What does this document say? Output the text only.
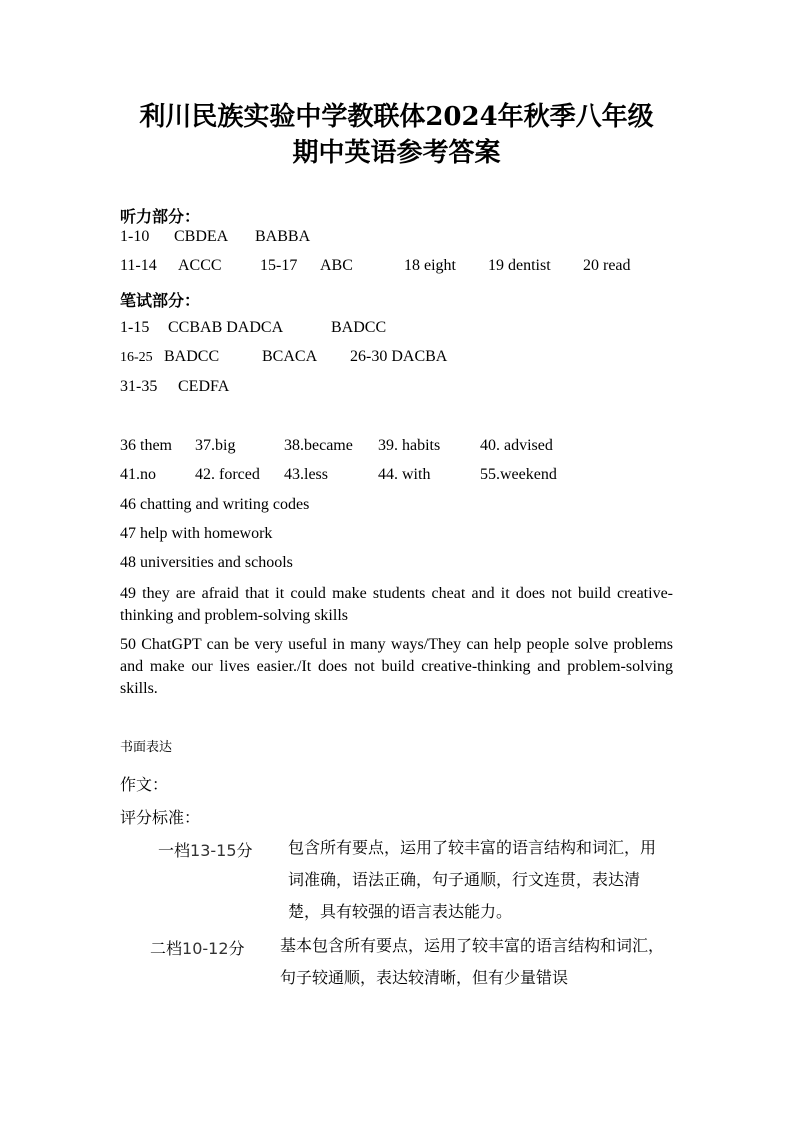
利川民族实验中学教联体2024年秋季八年级
期中英语参考答案
听力部分：
1-10 CBDEA BABBA
11-14 ACCC 15-17 ABC	18 eight 19 dentist 20 read
笔试部分：
1-15 CCBAB DADCA	BADCC
16-25 BADCC	BCACA 26-30 DACBA
31-35 CEDFA
36 them 37.big	38.became 39. habits 40. advised
41.no 42. forced 43.less	44. with	55.weekend
46 chatting and writing codes
47 help with homework
48 universities and schools
49 they are afraid that it could make students cheat and it does not build creative-thinking and problem-solving skills
50 ChatGPT can be very useful in many ways/They can help people solve problems and make our lives easier./It does not build creative-thinking and problem-solving skills.
书面表达
作文：
评分标准：
一档13-15分 包含所有要点，运用了较丰富的语言结构和词汇，用词准确，语法正确，句子通顺，行文连贯，表达清楚，具有较强的语言表达能力。
二档10-12分 基本包含所有要点，运用了较丰富的语言结构和词汇，句子较通顺，表达较清晰，但有少量错误
